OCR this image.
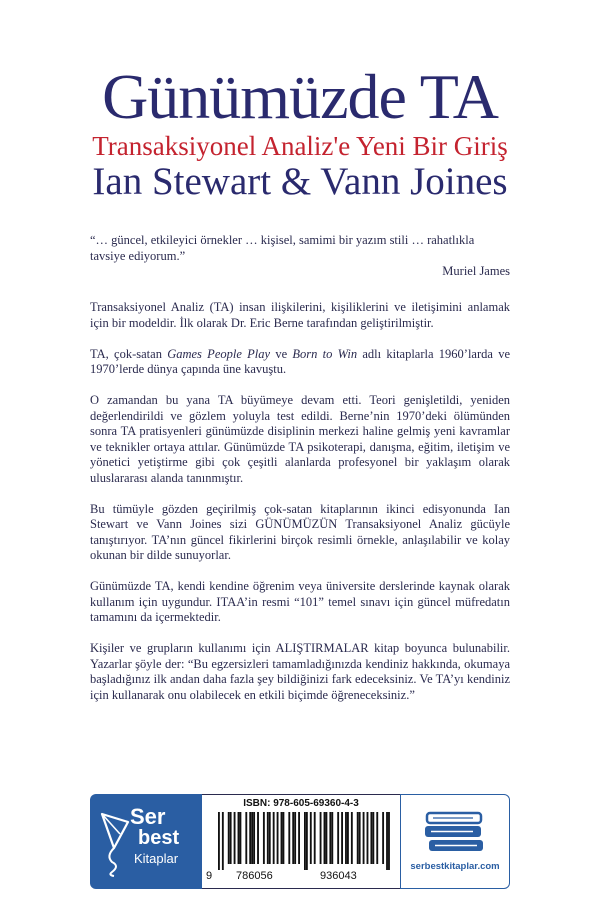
Günümüzde TA
Transaksiyonel Analiz'e Yeni Bir Giriş
Ian Stewart & Vann Joines
“… güncel, etkileyici örnekler … kişisel, samimi bir yazım stili … rahatlıkla tavsiye ediyorum.”
Muriel James

Transaksiyonel Analiz (TA) insan ilişkilerini, kişiliklerini ve iletişimini anlamak için bir modeldir. İlk olarak Dr. Eric Berne tarafından geliştirilmiştir.

TA, çok-satan Games People Play ve Born to Win adlı kitaplarla 1960’larda ve 1970’lerde dünya çapında üne kavuştu.

O zamandan bu yana TA büyümeye devam etti. Teori genişletildi, yeniden değerlendirildi ve gözlem yoluyla test edildi. Berne’nin 1970’deki ölümünden sonra TA pratisyenleri günümüzde disiplinin merkezi haline gelmiş yeni kavramlar ve teknikler ortaya attılar. Günümüzde TA psikoterapi, danışma, eğitim, iletişim ve yönetici yetiştirme gibi çok çeşitli alanlarda profesyonel bir yaklaşım olarak uluslararası alanda tanınmıştır.

Bu tümüyle gözden geçirilmiş çok-satan kitaplarının ikinci edisyonunda Ian Stewart ve Vann Joines sizi GÜNÜMÜZÜN Transaksiyonel Analiz gücüyle tanıştırıyor. TA’nın güncel fikirlerini birçok resimli örnekle, anlaşılabilir ve kolay okunan bir dilde sunuyorlar.

Günümüzde TA, kendi kendine öğrenim veya üniversite derslerinde kaynak olarak kullanım için uygundur. ITAA’in resmi “101” temel sınavı için güncel müfredatın tamamını da içermektedir.

Kişiler ve grupların kullanımı için ALIŞTIRMALAR kitap boyunca bulunabilir. Yazarlar şöyle der: “Bu egzersizleri tamamladığınızda kendiniz hakkında, okumaya başladığınız ilk andan daha fazla şey bildiğinizi fark edeceksiniz. Ve TA’yı kendiniz için kullanarak onu olabilecek en etkili biçimde öğreneceksiniz.”

Ser
best
Kitaplar
ISBN: 978-605-69360-4-3
9 786056	936043
serbestkitaplar.com
